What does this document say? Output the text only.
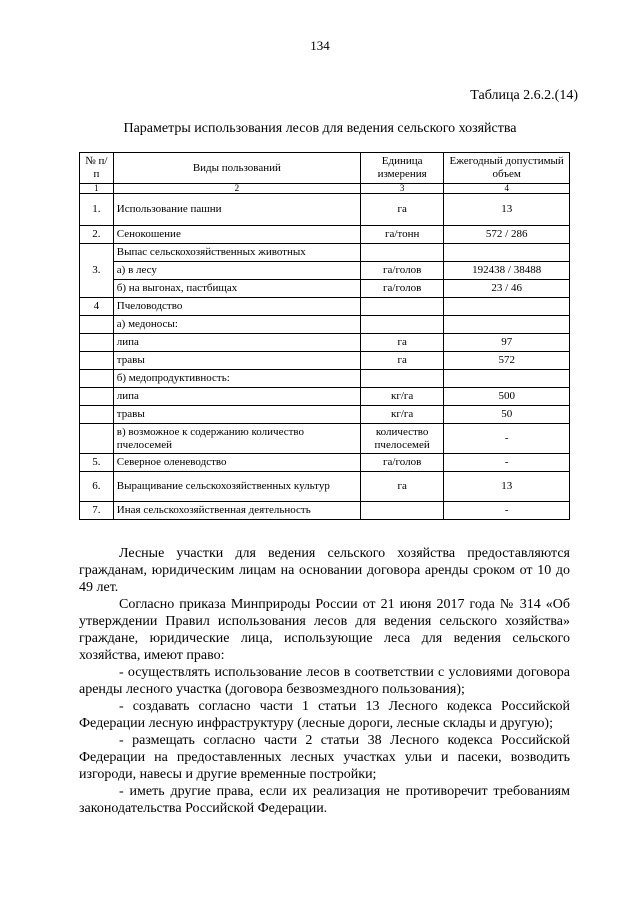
134
Таблица 2.6.2.(14)
Параметры использования лесов для ведения сельского хозяйства
№ п/п	Виды пользований	Единица измерения	Ежегодный допустимый объем
1	2	3	4
1.	Использование пашни	га	13
2.	Сенокошение	га/тонн	572 / 286
3.	Выпас сельскохозяйственных животных		
	а) в лесу	га/голов	192438 / 38488
	б) на выгонах, пастбищах	га/голов	23 / 46
4	Пчеловодство		
	а) медоносы:		
	липа	га	97
	травы	га	572
	б) медопродуктивность:		
	липа	кг/га	500
	травы	кг/га	50
	в) возможное к содержанию количество пчелосемей	количество пчелосемей	-
5.	Северное оленеводство	га/голов	-
6.	Выращивание сельскохозяйственных культур	га	13
7.	Иная сельскохозяйственная деятельность		-

Лесные участки для ведения сельского хозяйства предоставляются гражданам, юридическим лицам на основании договора аренды сроком от 10 до 49 лет.

Согласно приказа Минприроды России от 21 июня 2017 года № 314 «Об утверждении Правил использования лесов для ведения сельского хозяйства» граждане, юридические лица, использующие леса для ведения сельского хозяйства, имеют право:

- осуществлять использование лесов в соответствии с условиями договора аренды лесного участка (договора безвозмездного пользования);

- создавать согласно части 1 статьи 13 Лесного кодекса Российской Федерации лесную инфраструктуру (лесные дороги, лесные склады и другую);

- размещать согласно части 2 статьи 38 Лесного кодекса Российской Федерации на предоставленных лесных участках ульи и пасеки, возводить изгороди, навесы и другие временные постройки;

- иметь другие права, если их реализация не противоречит требованиям законодательства Российской Федерации.
